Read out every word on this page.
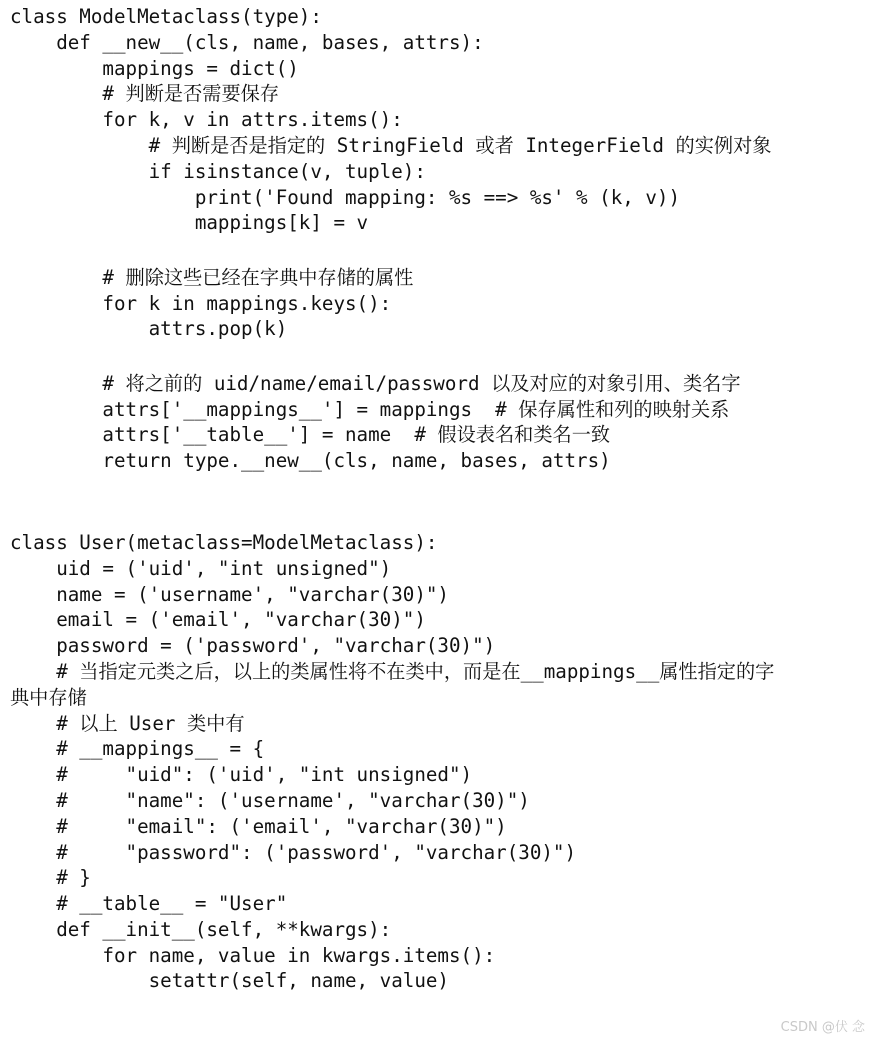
class ModelMetaclass(type):
def __new__(cls, name, bases, attrs):
mappings = dict()
# 判断是否需要保存
for k, v in attrs.items():
# 判断是否是指定的 StringField 或者 IntegerField 的实例对象
if isinstance(v, tuple):
print('Found mapping: %s ==> %s' % (k, v))
mappings[k] = v
# 删除这些已经在字典中存储的属性
for k in mappings.keys():
attrs.pop(k)
# 将之前的 uid/name/email/password 以及对应的对象引用、类名字
attrs['__mappings__'] = mappings  # 保存属性和列的映射关系
attrs['__table__'] = name  # 假设表名和类名一致
return type.__new__(cls, name, bases, attrs)
class User(metaclass=ModelMetaclass):
uid = ('uid', "int unsigned")
name = ('username', "varchar(30)")
email = ('email', "varchar(30)")
password = ('password', "varchar(30)")
# 当指定元类之后，以上的类属性将不在类中，而是在__mappings__属性指定的字
典中存储
# 以上 User 类中有
# __mappings__ = {
#     "uid": ('uid', "int unsigned")
#     "name": ('username', "varchar(30)")
#     "email": ('email', "varchar(30)")
#     "password": ('password', "varchar(30)")
# }
# __table__ = "User"
def __init__(self, **kwargs):
for name, value in kwargs.items():
setattr(self, name, value)
CSDN @伏 念
